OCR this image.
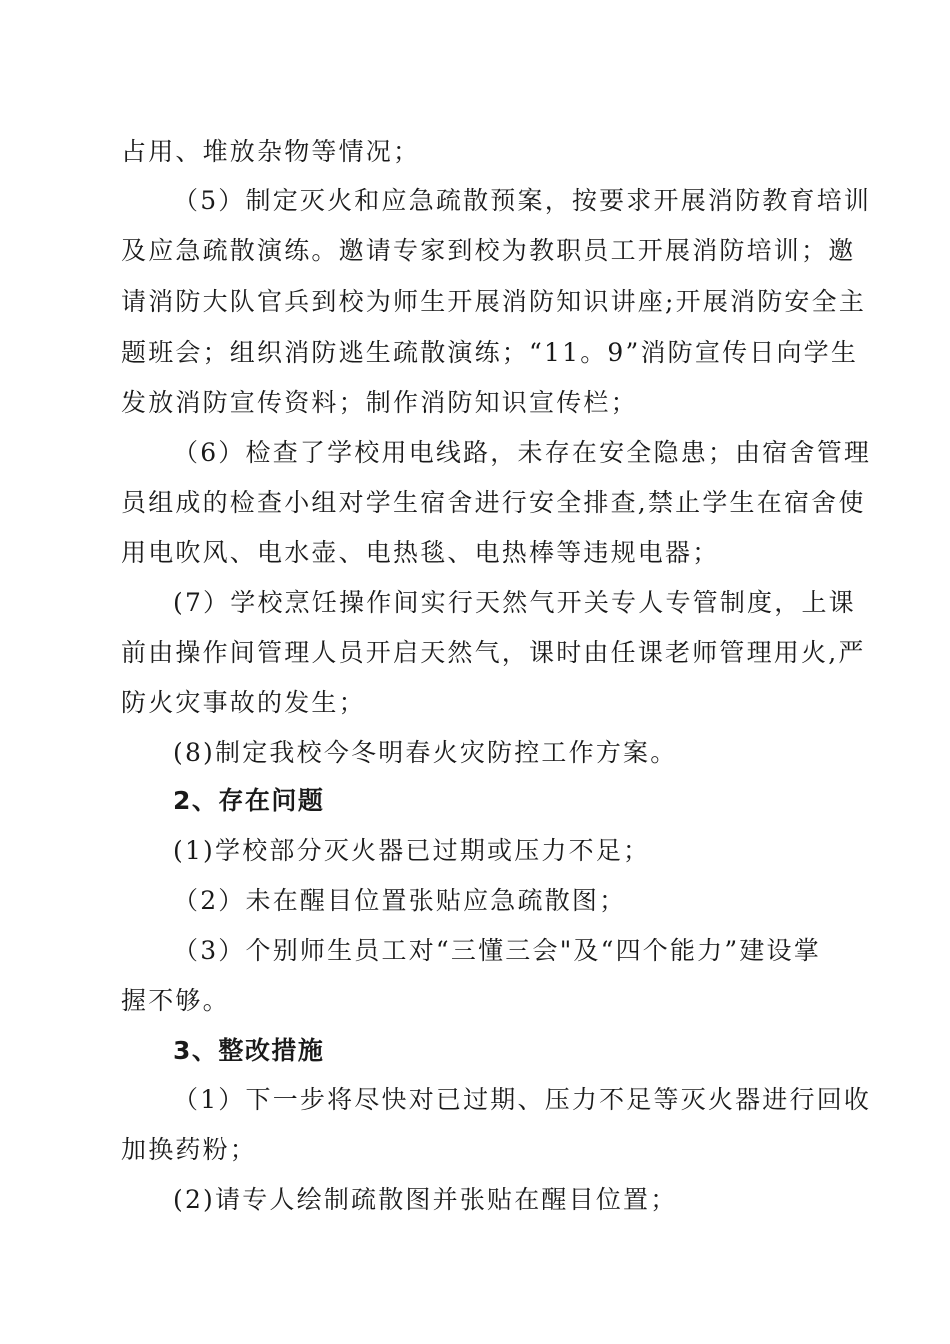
占用、堆放杂物等情况；
（5）制定灭火和应急疏散预案，按要求开展消防教育培训
及应急疏散演练。邀请专家到校为教职员工开展消防培训；邀
请消防大队官兵到校为师生开展消防知识讲座;开展消防安全主
题班会；组织消防逃生疏散演练；“11。9”消防宣传日向学生
发放消防宣传资料；制作消防知识宣传栏；
（6）检查了学校用电线路，未存在安全隐患；由宿舍管理
员组成的检查小组对学生宿舍进行安全排查,禁止学生在宿舍使
用电吹风、电水壶、电热毯、电热棒等违规电器；
(7）学校烹饪操作间实行天然气开关专人专管制度，上课
前由操作间管理人员开启天然气，课时由任课老师管理用火,严
防火灾事故的发生；
(8)制定我校今冬明春火灾防控工作方案。
2、存在问题
(1)学校部分灭火器已过期或压力不足；
（2）未在醒目位置张贴应急疏散图；
（3）个别师生员工对“三懂三会"及“四个能力”建设掌
握不够。
3、整改措施
（1）下一步将尽快对已过期、压力不足等灭火器进行回收
加换药粉；
(2)请专人绘制疏散图并张贴在醒目位置；
